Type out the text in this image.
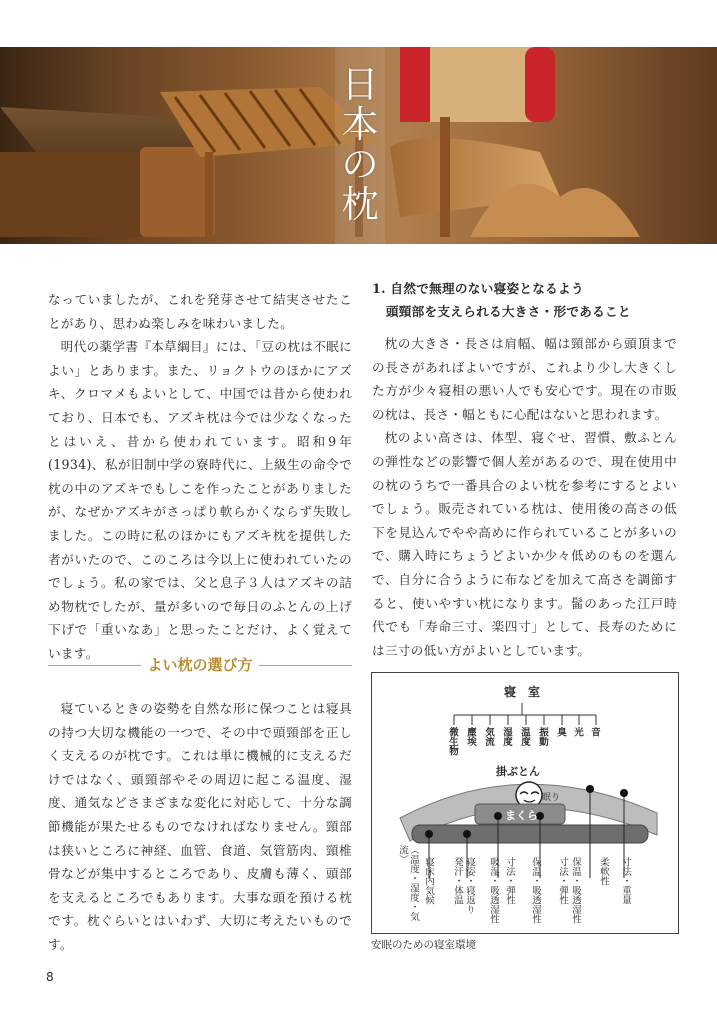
日
本
の
枕

なっていましたが、これを発芽させて結実させたことがあり、思わぬ楽しみを味わいました。

明代の薬学書『本草綱目』には、「豆の枕は不眠によい」とあります。また、リョクトウのほかにアズキ、クロマメもよいとして、中国では昔から使われており、日本でも、アズキ枕は今では少なくなったとはいえ、昔から使われています。昭和9年(1934)、私が旧制中学の寮時代に、上級生の命令で枕の中のアズキでもしこを作ったことがありましたが、なぜかアズキがさっぱり軟らかくならず失敗しました。この時に私のほかにもアズキ枕を提供した者がいたので、このころは今以上に使われていたのでしょう。私の家では、父と息子３人はアズキの詰め物枕でしたが、量が多いので毎日のふとんの上げ下げで「重いなあ」と思ったことだけ、よく覚えています。

よい枕の選び方

寝ているときの姿勢を自然な形に保つことは寝具の持つ大切な機能の一つで、その中で頭頸部を正しく支えるのが枕です。これは単に機械的に支えるだけではなく、頭頸部やその周辺に起こる温度、湿度、通気などさまざまな変化に対応して、十分な調節機能が果たせるものでなければなりません。頸部は狭いところに神経、血管、食道、気管筋肉、頸椎骨などが集中するところであり、皮膚も薄く、頭部を支えるところでもあります。大事な頭を預ける枕です。枕ぐらいとはいわず、大切に考えたいものです。

1. 自然で無理のない寝姿となるよう
頭頸部を支えられる大きさ・形であること

枕の大きさ・長さは肩幅、幅は頸部から頭頂までの長さがあればよいですが、これより少し大きくした方が少々寝相の悪い人でも安心です。現在の市販の枕は、長さ・幅ともに心配はないと思われます。

枕のよい高さは、体型、寝ぐせ、習慣、敷ふとんの弾性などの影響で個人差があるので、現在使用中の枕のうちで一番具合のよい枕を参考にするとよいでしょう。販売されている枕は、使用後の高さの低下を見込んでやや高めに作られていることが多いので、購入時にちょうどよいか少々低めのものを選んで、自分に合うように布などを加えて高さを調節すると、使いやすい枕になります。髷のあった江戸時代でも「寿命三寸、楽四寸」として、長寿のためには三寸の低い方がよいとしています。

寝　室
微生物 塵埃 気流 湿度 温度 振動 臭 光 音
掛ぶとん
眠り
まくら
（温度・湿度・気流）
寝床内気候	寝姿・寝返り
発汗・体温	吸湿・吸透湿性 寸法・弾性 保温・吸透湿性 寸法・弾性 保温・吸透湿性 柔軟性 寸法・重量
安眠のための寝室環境
8
